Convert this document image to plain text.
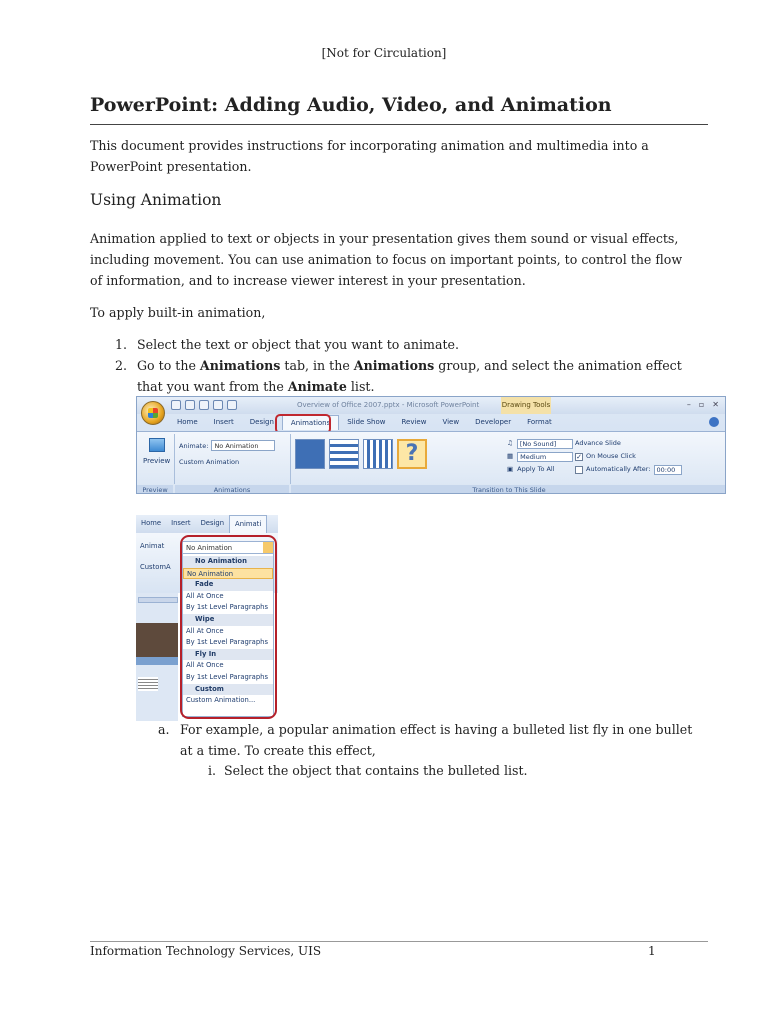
[Not for Circulation]
PowerPoint: Adding Audio, Video, and Animation
This document provides instructions for incorporating animation and multimedia into a PowerPoint presentation.
Using Animation
Animation applied to text or objects in your presentation gives them sound or visual effects, including movement. You can use animation to focus on important points, to control the flow of information, and to increase viewer interest in your presentation.
To apply built-in animation,
1. Select the text or object that you want to animate.
2. Go to the Animations tab, in the Animations group, and select the animation effect that you want from the Animate list.
Overview of Office 2007.pptx - Microsoft PowerPoint	Drawing Tools	– ▫ ✕
Home	Insert	Design	Animations	Slide Show	Review	View	Developer	Format
Preview
Preview
Animate: No Animation
Custom Animation
Animations
?	♫	[No Sound]
▦	Medium
▣ Apply To All
Advance Slide
✓ On Mouse Click
Automatically After: 00:00
Transition to This Slide
Home	Insert	Design	Animati
Animat
CustomA
No Animation
No Animation
No Animation
Fade
All At Once
By 1st Level Paragraphs
Wipe
All At Once
By 1st Level Paragraphs
Fly In
All At Once
By 1st Level Paragraphs
Custom
Custom Animation...
a. For example, a popular animation effect is having a bulleted list fly in one bullet at a time. To create this effect,
i. Select the object that contains the bulleted list.
Information Technology Services, UIS	1
